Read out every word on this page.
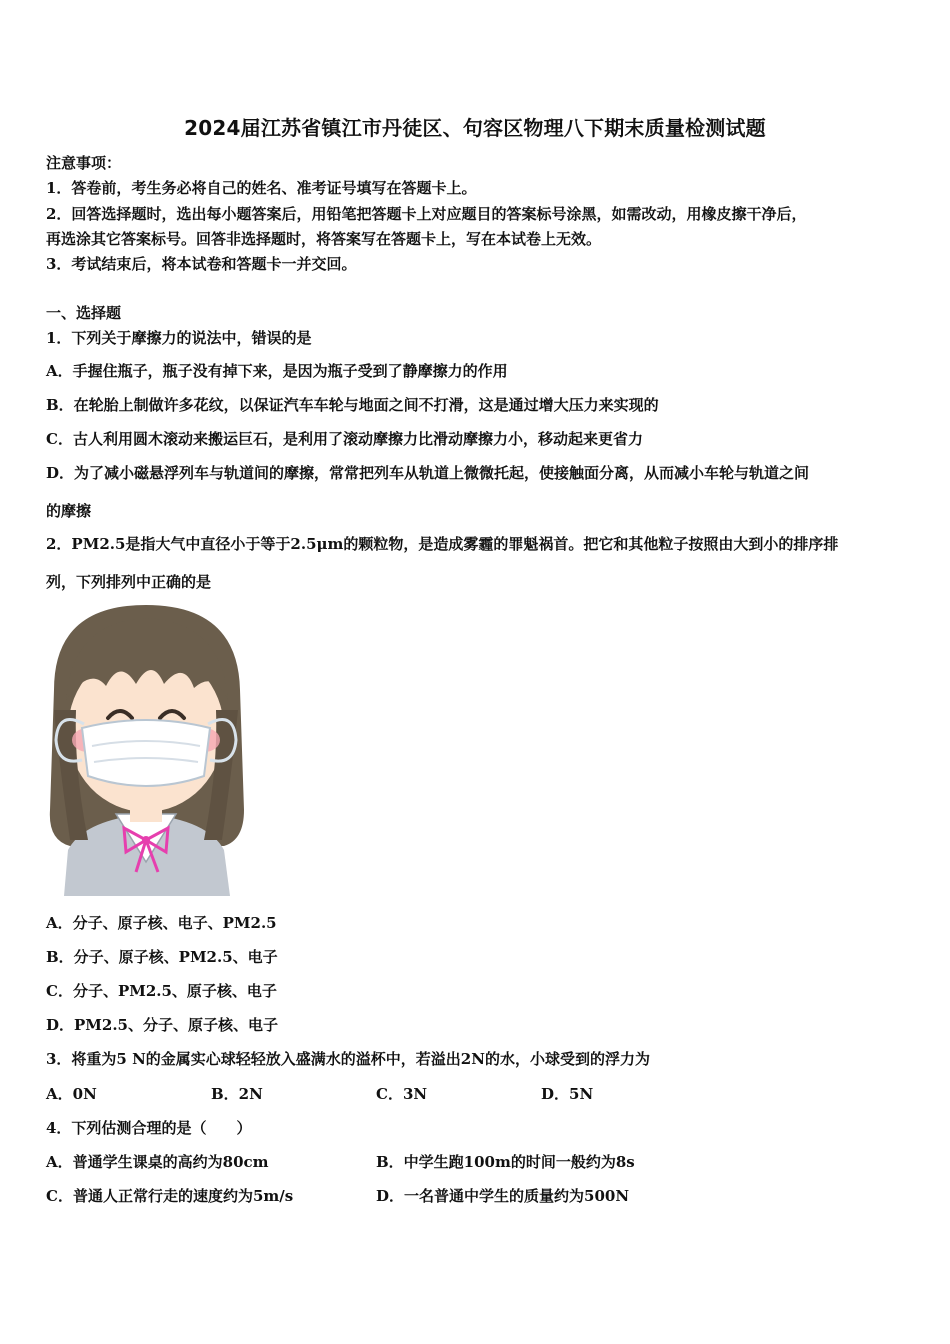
2024届江苏省镇江市丹徒区、句容区物理八下期末质量检测试题
注意事项：
1．答卷前，考生务必将自己的姓名、准考证号填写在答题卡上。
2．回答选择题时，选出每小题答案后，用铅笔把答题卡上对应题目的答案标号涂黑，如需改动，用橡皮擦干净后，
再选涂其它答案标号。回答非选择题时，将答案写在答题卡上，写在本试卷上无效。
3．考试结束后，将本试卷和答题卡一并交回。
一、选择题
1．下列关于摩擦力的说法中，错误的是
A．手握住瓶子，瓶子没有掉下来，是因为瓶子受到了静摩擦力的作用
B．在轮胎上制做许多花纹，以保证汽车车轮与地面之间不打滑，这是通过增大压力来实现的
C．古人利用圆木滚动来搬运巨石，是利用了滚动摩擦力比滑动摩擦力小，移动起来更省力
D．为了减小磁悬浮列车与轨道间的摩擦，常常把列车从轨道上微微托起，使接触面分离，从而减小车轮与轨道之间
的摩擦
2．PM2.5是指大气中直径小于等于2.5μm的颗粒物，是造成雾霾的罪魁祸首。把它和其他粒子按照由大到小的排序排
列，下列排列中正确的是
A．分子、原子核、电子、PM2.5
B．分子、原子核、PM2.5、电子
C．分子、PM2.5、原子核、电子
D．PM2.5、分子、原子核、电子
3．将重为5 N的金属实心球轻轻放入盛满水的溢杯中，若溢出2N的水，小球受到的浮力为
A．0N	B．2N	C．3N	D．5N
4．下列估测合理的是（　　）
A．普通学生课桌的高约为80cm	B．中学生跑100m的时间一般约为8s
C．普通人正常行走的速度约为5m/s	D．一名普通中学生的质量约为500N
